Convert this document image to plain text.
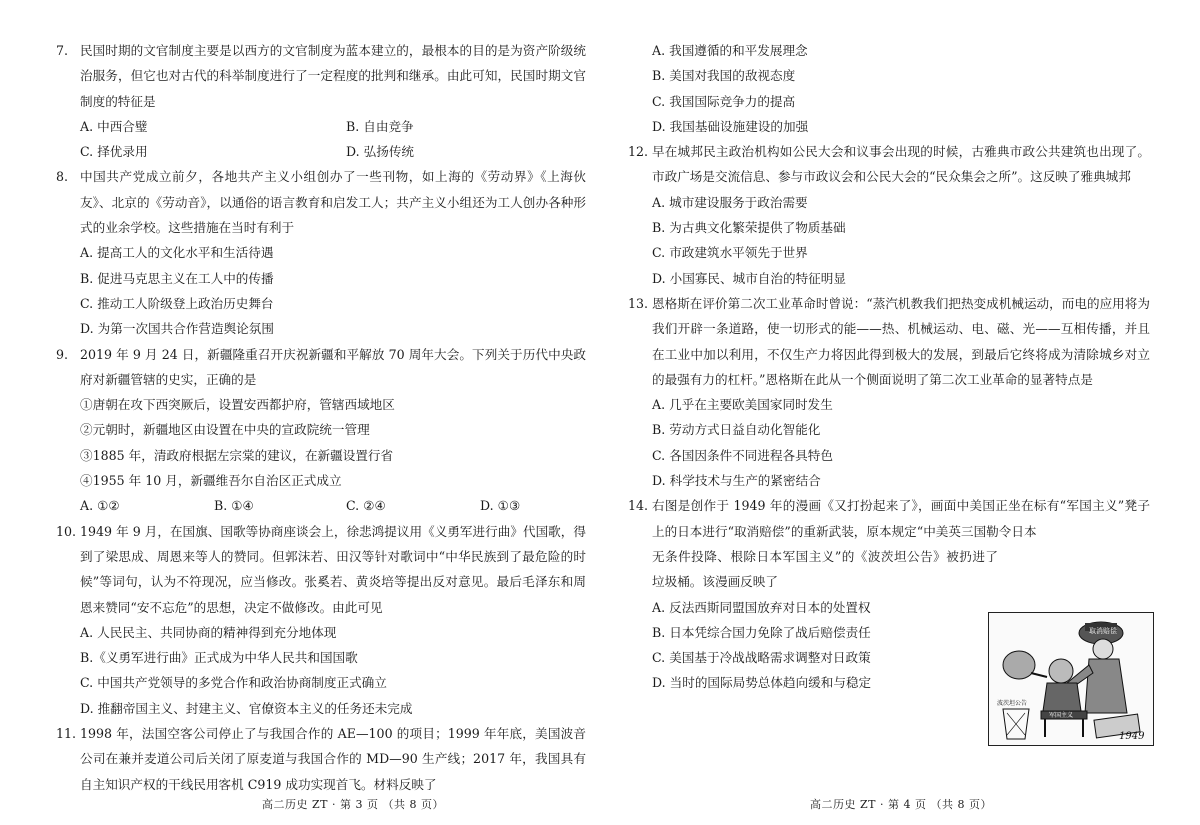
7. 民国时期的文官制度主要是以西方的文官制度为蓝本建立的，最根本的目的是为资产阶级统治服务，但它也对古代的科举制度进行了一定程度的批判和继承。由此可知，民国时期文官制度的特征是
A. 中西合璧	B. 自由竞争
C. 择优录用	D. 弘扬传统
8. 中国共产党成立前夕，各地共产主义小组创办了一些刊物，如上海的《劳动界》《上海伙友》、北京的《劳动音》，以通俗的语言教育和启发工人；共产主义小组还为工人创办各种形式的业余学校。这些措施在当时有利于
A. 提高工人的文化水平和生活待遇
B. 促进马克思主义在工人中的传播
C. 推动工人阶级登上政治历史舞台
D. 为第一次国共合作营造舆论氛围
9. 2019 年 9 月 24 日，新疆隆重召开庆祝新疆和平解放 70 周年大会。下列关于历代中央政府对新疆管辖的史实，正确的是
①唐朝在攻下西突厥后，设置安西都护府，管辖西域地区
②元朝时，新疆地区由设置在中央的宣政院统一管理
③1885 年，清政府根据左宗棠的建议，在新疆设置行省
④1955 年 10 月，新疆维吾尔自治区正式成立
A. ①②	B. ①④	C. ②④	D. ①③
10. 1949 年 9 月，在国旗、国歌等协商座谈会上，徐悲鸿提议用《义勇军进行曲》代国歌，得到了梁思成、周恩来等人的赞同。但郭沫若、田汉等针对歌词中“中华民族到了最危险的时候”等词句，认为不符现况，应当修改。张奚若、黄炎培等提出反对意见。最后毛泽东和周恩来赞同“安不忘危”的思想，决定不做修改。由此可见
A. 人民民主、共同协商的精神得到充分地体现
B.《义勇军进行曲》正式成为中华人民共和国国歌
C. 中国共产党领导的多党合作和政治协商制度正式确立
D. 推翻帝国主义、封建主义、官僚资本主义的任务还未完成
11. 1998 年，法国空客公司停止了与我国合作的 AE—100 的项目；1999 年年底，美国波音公司在兼并麦道公司后关闭了原麦道与我国合作的 MD—90 生产线；2017 年，我国具有自主知识产权的干线民用客机 C919 成功实现首飞。材料反映了
高二历史 ZT · 第 3 页 （共 8 页）
A. 我国遵循的和平发展理念
B. 美国对我国的敌视态度
C. 我国国际竞争力的提高
D. 我国基础设施建设的加强
12. 早在城邦民主政治机构如公民大会和议事会出现的时候，古雅典市政公共建筑也出现了。市政广场是交流信息、参与市政议会和公民大会的“民众集会之所”。这反映了雅典城邦
A. 城市建设服务于政治需要
B. 为古典文化繁荣提供了物质基础
C. 市政建筑水平领先于世界
D. 小国寡民、城市自治的特征明显
13. 恩格斯在评价第二次工业革命时曾说：“蒸汽机教我们把热变成机械运动，而电的应用将为我们开辟一条道路，使一切形式的能——热、机械运动、电、磁、光——互相传播，并且在工业中加以利用，不仅生产力将因此得到极大的发展，到最后它终将成为清除城乡对立的最强有力的杠杆。”恩格斯在此从一个侧面说明了第二次工业革命的显著特点是
A. 几乎在主要欧美国家同时发生
B. 劳动方式日益自动化智能化
C. 各国因条件不同进程各具特色
D. 科学技术与生产的紧密结合
14. 右图是创作于 1949 年的漫画《又打扮起来了》，画面中美国正坐在标有“军国主义”凳子上的日本进行“取消赔偿”的重新武装，原本规定“中美英三国勒令日本
无条件投降、根除日本军国主义”的《波茨坦公告》被扔进了垃圾桶。该漫画反映了
A. 反法西斯同盟国放弃对日本的处置权
B. 日本凭综合国力免除了战后赔偿责任
C. 美国基于冷战战略需求调整对日政策
D. 当时的国际局势总体趋向缓和与稳定
取消赔偿
军国主义
波茨坦公告
1949
高二历史 ZT · 第 4 页 （共 8 页）
